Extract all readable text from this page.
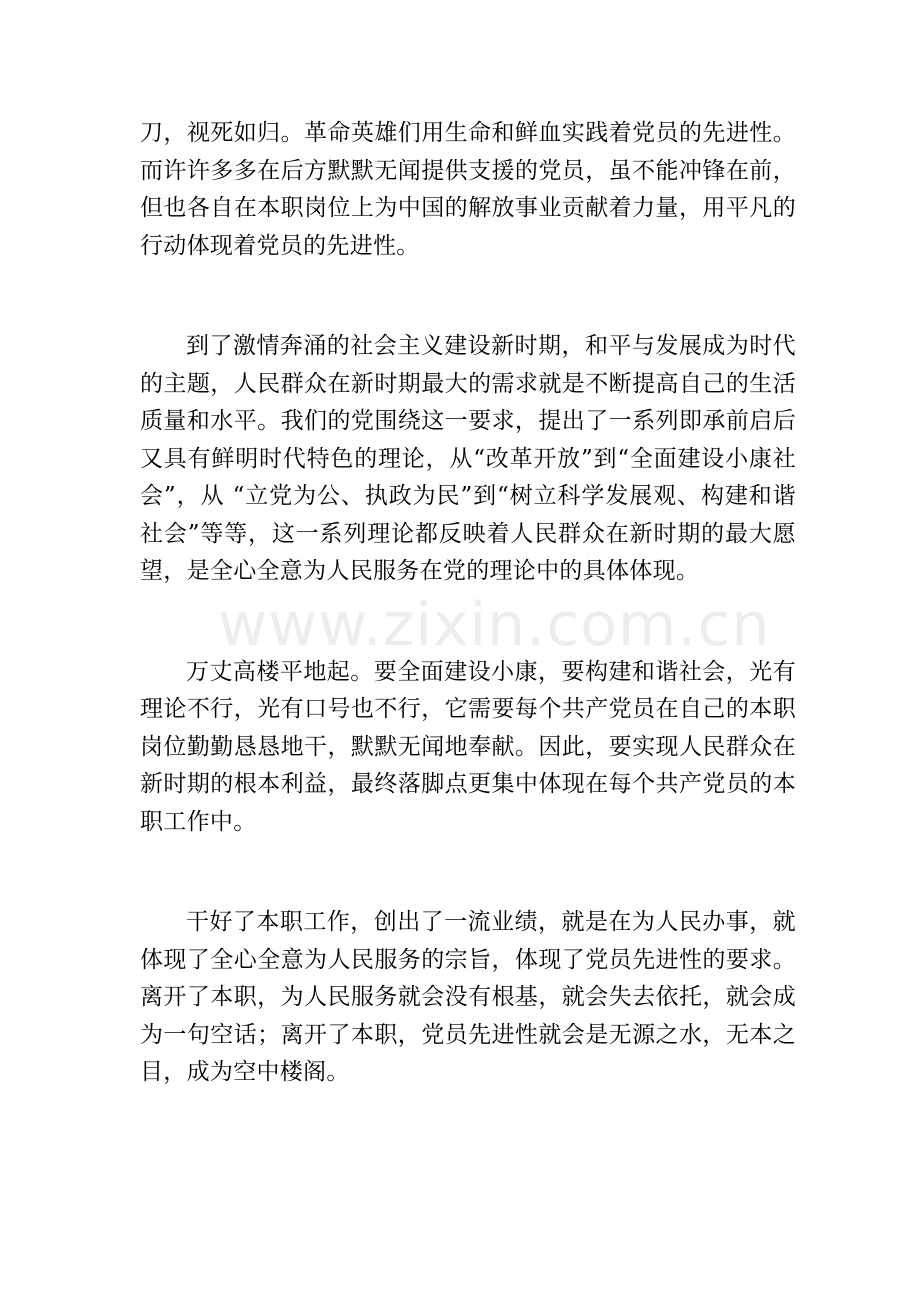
刀，视死如归。革命英雄们用生命和鲜血实践着党员的先进性。而许许多多在后方默默无闻提供支援的党员，虽不能冲锋在前，但也各自在本职岗位上为中国的解放事业贡献着力量，用平凡的行动体现着党员的先进性。

到了激情奔涌的社会主义建设新时期，和平与发展成为时代的主题，人民群众在新时期最大的需求就是不断提高自己的生活质量和水平。我们的党围绕这一要求，提出了一系列即承前启后又具有鲜明时代特色的理论，从“改革开放”到“全面建设小康社会”，从 “立党为公、执政为民”到“树立科学发展观、构建和谐社会”等等，这一系列理论都反映着人民群众在新时期的最大愿望，是全心全意为人民服务在党的理论中的具体体现。

万丈高楼平地起。要全面建设小康，要构建和谐社会，光有理论不行，光有口号也不行，它需要每个共产党员在自己的本职岗位勤勤恳恳地干，默默无闻地奉献。因此，要实现人民群众在新时期的根本利益，最终落脚点更集中体现在每个共产党员的本职工作中。

干好了本职工作，创出了一流业绩，就是在为人民办事，就体现了全心全意为人民服务的宗旨，体现了党员先进性的要求。离开了本职，为人民服务就会没有根基，就会失去依托，就会成为一句空话；离开了本职，党员先进性就会是无源之水，无本之目，成为空中楼阁。

www.zixin.com.cn
